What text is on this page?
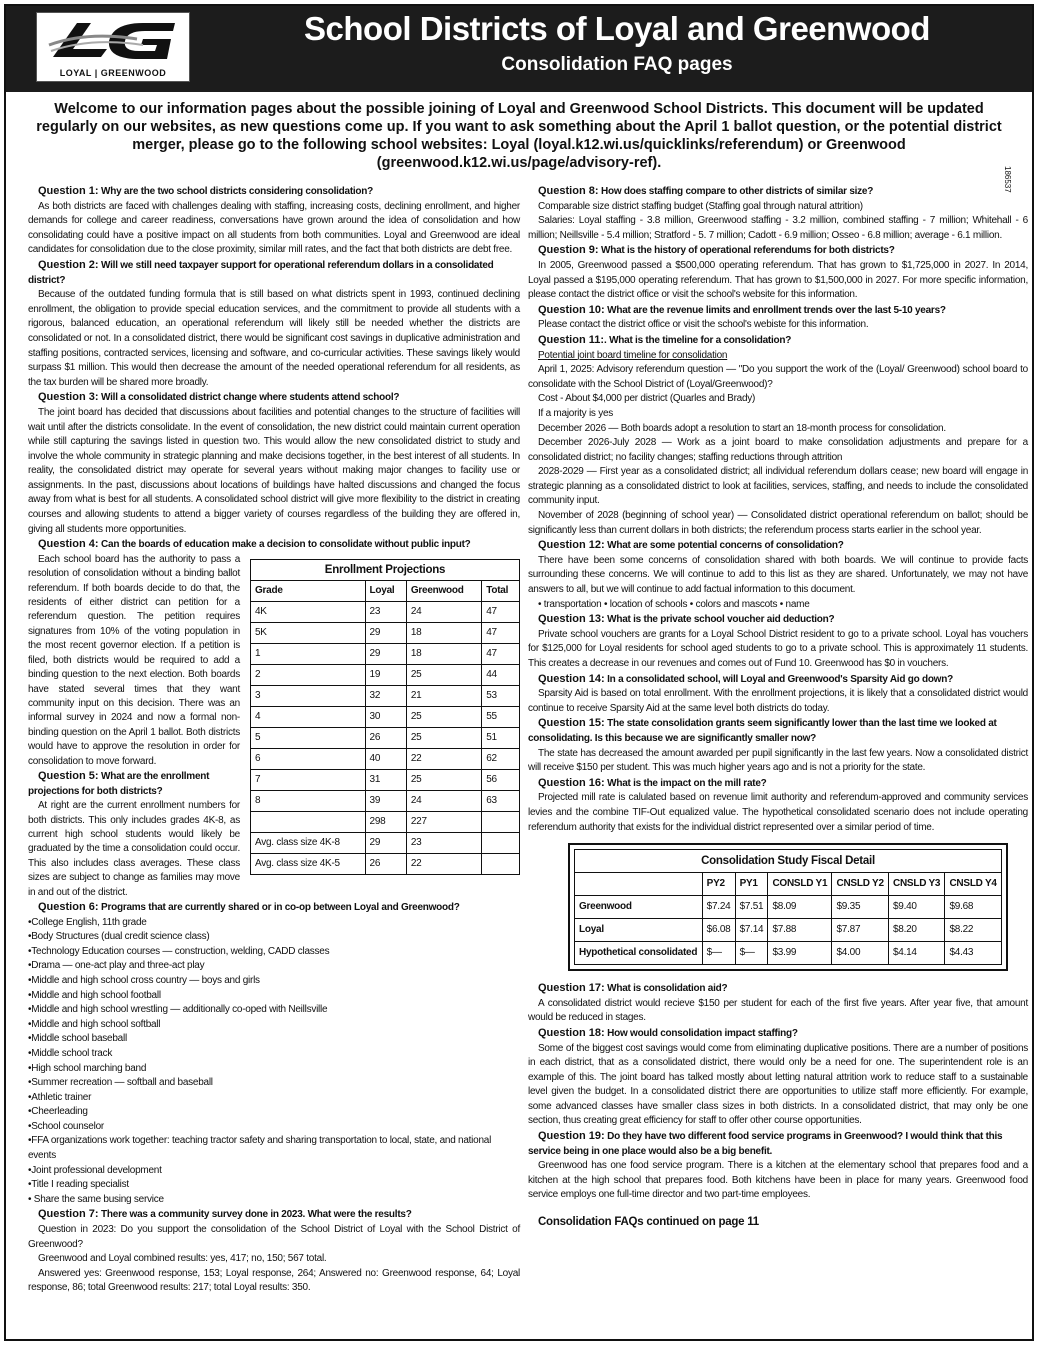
LOYAL | GREENWOOD
School Districts of Loyal and Greenwood
Consolidation FAQ pages
Welcome to our information pages about the possible joining of Loyal and Greenwood School Districts. This document will be updated regularly on our websites, as new questions come up. If you want to ask something about the April 1 ballot question, or the potential district merger, please go to the following school websites: Loyal (loyal.k12.wi.us/quicklinks/referendum) or Greenwood (greenwood.k12.wi.us/page/advisory-ref).
186537
Question 1: Why are the two school districts considering consolidation?
As both districts are faced with challenges dealing with staffing, increasing costs, declining enrollment, and higher demands for college and career readiness, conversations have grown around the idea of consolidation and how consolidating could have a positive impact on all students from both communities. Loyal and Greenwood are ideal candidates for consolidation due to the close proximity, similar mill rates, and the fact that both districts are debt free.
Question 2: Will we still need taxpayer support for operational referendum dollars in a consolidated district?
Because of the outdated funding formula that is still based on what districts spent in 1993, continued declining enrollment, the obligation to provide special education services, and the commitment to provide all students with a rigorous, balanced education, an operational referendum will likely still be needed whether the districts are consolidated or not. In a consolidated district, there would be significant cost savings in duplicative administration and staffing positions, contracted services, licensing and software, and co-curricular activities. These savings likely would surpass $1 million. This would then decrease the amount of the needed operational referendum for all residents, as the tax burden will be shared more broadly.
Question 3: Will a consolidated district change where students attend school?
The joint board has decided that discussions about facilities and potential changes to the structure of facilities will wait until after the districts consolidate. In the event of consolidation, the new district could maintain current operation while still capturing the savings listed in question two. This would allow the new consolidated district to study and involve the whole community in strategic planning and make decisions together, in the best interest of all students. In reality, the consolidated district may operate for several years without making major changes to facility use or assignments. In the past, discussions about locations of buildings have halted discussions and changed the focus away from what is best for all students. A consolidated school district will give more flexibility to the district in creating courses and allowing students to attend a bigger variety of courses regardless of the building they are offered in, giving all students more opportunities.
Question 4: Can the boards of education make a decision to consolidate without public input?
Enrollment Projections			
Grade	Loyal	Greenwood	Total
4K	23	24	47
5K	29	18	47
1	29	18	47
2	19	25	44
3	32	21	53
4	30	25	55
5	26	25	51
6	40	22	62
7	31	25	56
8	39	24	63
	298	227	
Avg. class size 4K-8	29	23	
Avg. class size 4K-5	26	22	
Each school board has the authority to pass a resolution of consolidation without a binding ballot referendum. If both boards decide to do that, the residents of either district can petition for a referendum question. The petition requires signatures from 10% of the voting population in the most recent governor election. If a petition is filed, both districts would be required to add a binding question to the next election. Both boards have stated several times that they want community input on this decision. There was an informal survey in 2024 and now a formal non-binding question on the April 1 ballot. Both districts would have to approve the resolution in order for consolidation to move forward.
Question 5: What are the enrollment projections for both districts?
At right are the current enrollment numbers for both districts. This only includes grades 4K-8, as current high school students would likely be graduated by the time a consolidation could occur. This also includes class averages. These class sizes are subject to change as families may move in and out of the district.
Question 6: Programs that are currently shared or in co-op between Loyal and Greenwood?
•College English, 11th grade
•Body Structures (dual credit science class)
•Technology Education courses — construction, welding, CADD classes
•Drama — one-act play and three-act play
•Middle and high school cross country — boys and girls
•Middle and high school football
•Middle and high school wrestling — additionally co-oped with Neillsville
•Middle and high school softball
•Middle school baseball
•Middle school track
•High school marching band
•Summer recreation — softball and baseball
•Athletic trainer
•Cheerleading
•School counselor
•FFA organizations work together: teaching tractor safety and sharing transportation to local, state, and national events
•Joint professional development
•Title I reading specialist
• Share the same busing service
Question 7: There was a community survey done in 2023. What were the results?
Question in 2023: Do you support the consolidation of the School District of Loyal with the School District of Greenwood?
Greenwood and Loyal combined results: yes, 417; no, 150; 567 total.
Answered yes: Greenwood response, 153; Loyal response, 264; Answered no: Greenwood response, 64; Loyal response, 86; total Greenwood results: 217; total Loyal results: 350.
Question 8: How does staffing compare to other districts of similar size?
Comparable size district staffing budget (Staffing goal through natural attrition)
Salaries: Loyal staffing - 3.8 million, Greenwood staffing - 3.2 million, combined staffing - 7 million; Whitehall - 6 million; Neillsville - 5.4 million; Stratford - 5. 7 million; Cadott - 6.9 million; Osseo - 6.8 million; average - 6.1 million.
Question 9: What is the history of operational referendums for both districts?
In 2005, Greenwood passed a $500,000 operating referendum. That has grown to $1,725,000 in 2027. In 2014, Loyal passed a $195,000 operating referendum. That has grown to $1,500,000 in 2027. For more specific information, please contact the district office or visit the school's website for this information.
Question 10: What are the revenue limits and enrollment trends over the last 5-10 years?
Please contact the district office or visit the school's webiste for this information.
Question 11:. What is the timeline for a consolidation?
Potential joint board timeline for consolidation
April 1, 2025: Advisory referendum question — "Do you support the work of the (Loyal/ Greenwood) school board to consolidate with the School District of (Loyal/Greenwood)?
Cost - About $4,000 per district (Quarles and Brady)
If a majority is yes
December 2026 — Both boards adopt a resolution to start an 18-month process for consolidation.
December 2026-July 2028 — Work as a joint board to make consolidation adjustments and prepare for a consolidated district; no facility changes; staffing reductions through attrition
2028-2029 — First year as a consolidated district; all individual referendum dollars cease; new board will engage in strategic planning as a consolidated district to look at facilities, services, staffing, and needs to include the consolidated community input.
November of 2028 (beginning of school year) — Consolidated district operational referendum on ballot; should be significantly less than current dollars in both districts; the referendum process starts earlier in the school year.
Question 12: What are some potential concerns of consolidation?
There have been some concerns of consolidation shared with both boards. We will continue to provide facts surrounding these concerns. We will continue to add to this list as they are shared. Unfortunately, we may not have answers to all, but we will continue to add factual information to this document.
• transportation • location of schools • colors and mascots • name
Question 13: What is the private school voucher aid deduction?
Private school vouchers are grants for a Loyal School District resident to go to a private school. Loyal has vouchers for $125,000 for Loyal residents for school aged students to go to a private school. This is approximately 11 students. This creates a decrease in our revenues and comes out of Fund 10. Greenwood has $0 in vouchers.
Question 14: In a consolidated school, will Loyal and Greenwood's Sparsity Aid go down?
Sparsity Aid is based on total enrollment. With the enrollment projections, it is likely that a consolidated district would continue to receive Sparsity Aid at the same level both districts do today.
Question 15: The state consolidation grants seem significantly lower than the last time we looked at consolidating. Is this because we are significantly smaller now?
The state has decreased the amount awarded per pupil significantly in the last few years. Now a consolidated district will receive $150 per student. This was much higher years ago and is not a priority for the state.
Question 16: What is the impact on the mill rate?
Projected mill rate is calulated based on revenue limit authority and referendum-approved and community services levies and the combine TIF-Out equalized value. The hypothetical consolidated scenario does not include operating referendum authority that exists for the individual district represented over a similar period of time.
Consolidation Study Fiscal Detail						
	PY2	PY1	CONSLD Y1	CNSLD Y2	CNSLD Y3	CNSLD Y4
Greenwood	$7.24	$7.51	$8.09	$9.35	$9.40	$9.68
Loyal	$6.08	$7.14	$7.88	$7.87	$8.20	$8.22
Hypothetical consolidated	$—	$—	$3.99	$4.00	$4.14	$4.43
Question 17: What is consolidation aid?
A consolidated district would recieve $150 per student for each of the first five years. After year five, that amount would be reduced in stages.
Question 18: How would consolidation impact staffing?
Some of the biggest cost savings would come from eliminating duplicative positions. There are a number of positions in each district, that as a consolidated district, there would only be a need for one. The superintendent role is an example of this. The joint board has talked mostly about letting natural attrition work to reduce staff to a sustainable level given the budget. In a consolidated district there are opportunities to utilize staff more efficiently. For example, some advanced classes have smaller class sizes in both districts. In a consolidated district, that may only be one section, thus creating great efficiency for staff to offer other course opportunities.
Question 19: Do they have two different food service programs in Greenwood? I would think that this service being in one place would also be a big benefit.
Greenwood has one food service program. There is a kitchen at the elementary school that prepares food and a kitchen at the high school that prepares food. Both kitchens have been in place for many years. Greenwood food service employs one full-time director and two part-time employees.
Consolidation FAQs continued on page 11
